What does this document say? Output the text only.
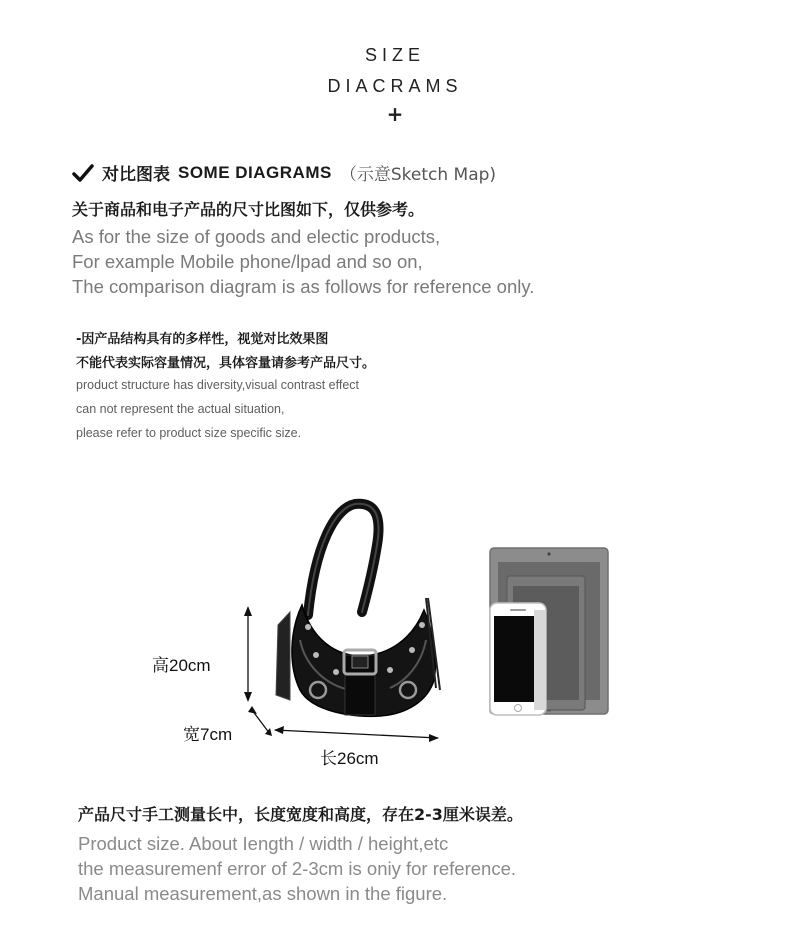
SIZE
DIACRAMS
+
对比图表 SOME DIAGRAMS （示意Sketch Map)
关于商品和电子产品的尺寸比图如下，仅供参考。
As for the size of goods and electic products,
For example Mobile phone/lpad and so on,
The comparison diagram is as follows for reference only.
-因产品结构具有的多样性，视觉对比效果图
不能代表实际容量情况，具体容量请参考产品尺寸。
product structure has diversity,visual contrast effect
can not represent the actual situation,
please refer to product size specific size.
高20cm
宽7cm
长26cm
产品尺寸手工测量长中，长度宽度和高度，存在2-3厘米误差。
Product size. About Iength / width / height,etc
the measuremenf error of 2-3cm is oniy for reference.
Manual measurement,as shown in the figure.
